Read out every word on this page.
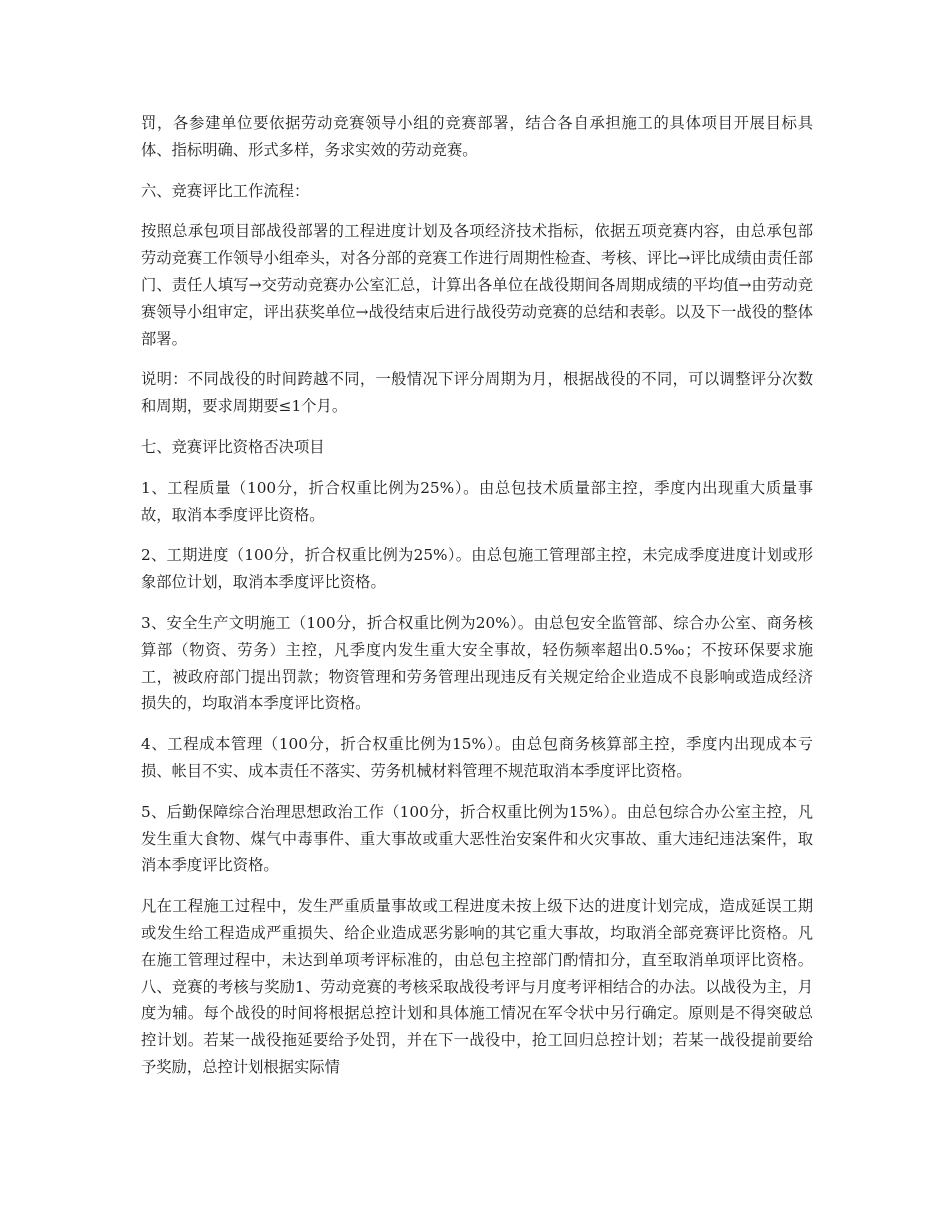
罚，各参建单位要依据劳动竞赛领导小组的竞赛部署，结合各自承担施工的具体项目开展目标具体、指标明确、形式多样，务求实效的劳动竞赛。

六、竞赛评比工作流程：

按照总承包项目部战役部署的工程进度计划及各项经济技术指标，依据五项竞赛内容，由总承包部劳动竞赛工作领导小组牵头，对各分部的竞赛工作进行周期性检查、考核、评比→评比成绩由责任部门、责任人填写→交劳动竞赛办公室汇总，计算出各单位在战役期间各周期成绩的平均值→由劳动竞赛领导小组审定，评出获奖单位→战役结束后进行战役劳动竞赛的总结和表彰。以及下一战役的整体部署。

说明：不同战役的时间跨越不同，一般情况下评分周期为月，根据战役的不同，可以调整评分次数和周期，要求周期要≤1个月。

七、竞赛评比资格否决项目

1、工程质量（100分，折合权重比例为25%）。由总包技术质量部主控，季度内出现重大质量事故，取消本季度评比资格。

2、工期进度（100分，折合权重比例为25%）。由总包施工管理部主控，未完成季度进度计划或形象部位计划，取消本季度评比资格。

3、安全生产文明施工（100分，折合权重比例为20%）。由总包安全监管部、综合办公室、商务核算部（物资、劳务）主控，凡季度内发生重大安全事故，轻伤频率超出0.5‰；不按环保要求施工，被政府部门提出罚款；物资管理和劳务管理出现违反有关规定给企业造成不良影响或造成经济损失的，均取消本季度评比资格。

4、工程成本管理（100分，折合权重比例为15%）。由总包商务核算部主控，季度内出现成本亏损、帐目不实、成本责任不落实、劳务机械材料管理不规范取消本季度评比资格。

5、后勤保障综合治理思想政治工作（100分，折合权重比例为15%）。由总包综合办公室主控，凡发生重大食物、煤气中毒事件、重大事故或重大恶性治安案件和火灾事故、重大违纪违法案件，取消本季度评比资格。

凡在工程施工过程中，发生严重质量事故或工程进度未按上级下达的进度计划完成，造成延误工期或发生给工程造成严重损失、给企业造成恶劣影响的其它重大事故，均取消全部竞赛评比资格。凡在施工管理过程中，未达到单项考评标准的，由总包主控部门酌情扣分，直至取消单项评比资格。八、竞赛的考核与奖励1、劳动竞赛的考核采取战役考评与月度考评相结合的办法。以战役为主，月度为辅。每个战役的时间将根据总控计划和具体施工情况在军令状中另行确定。原则是不得突破总控计划。若某一战役拖延要给予处罚，并在下一战役中，抢工回归总控计划；若某一战役提前要给予奖励，总控计划根据实际情
